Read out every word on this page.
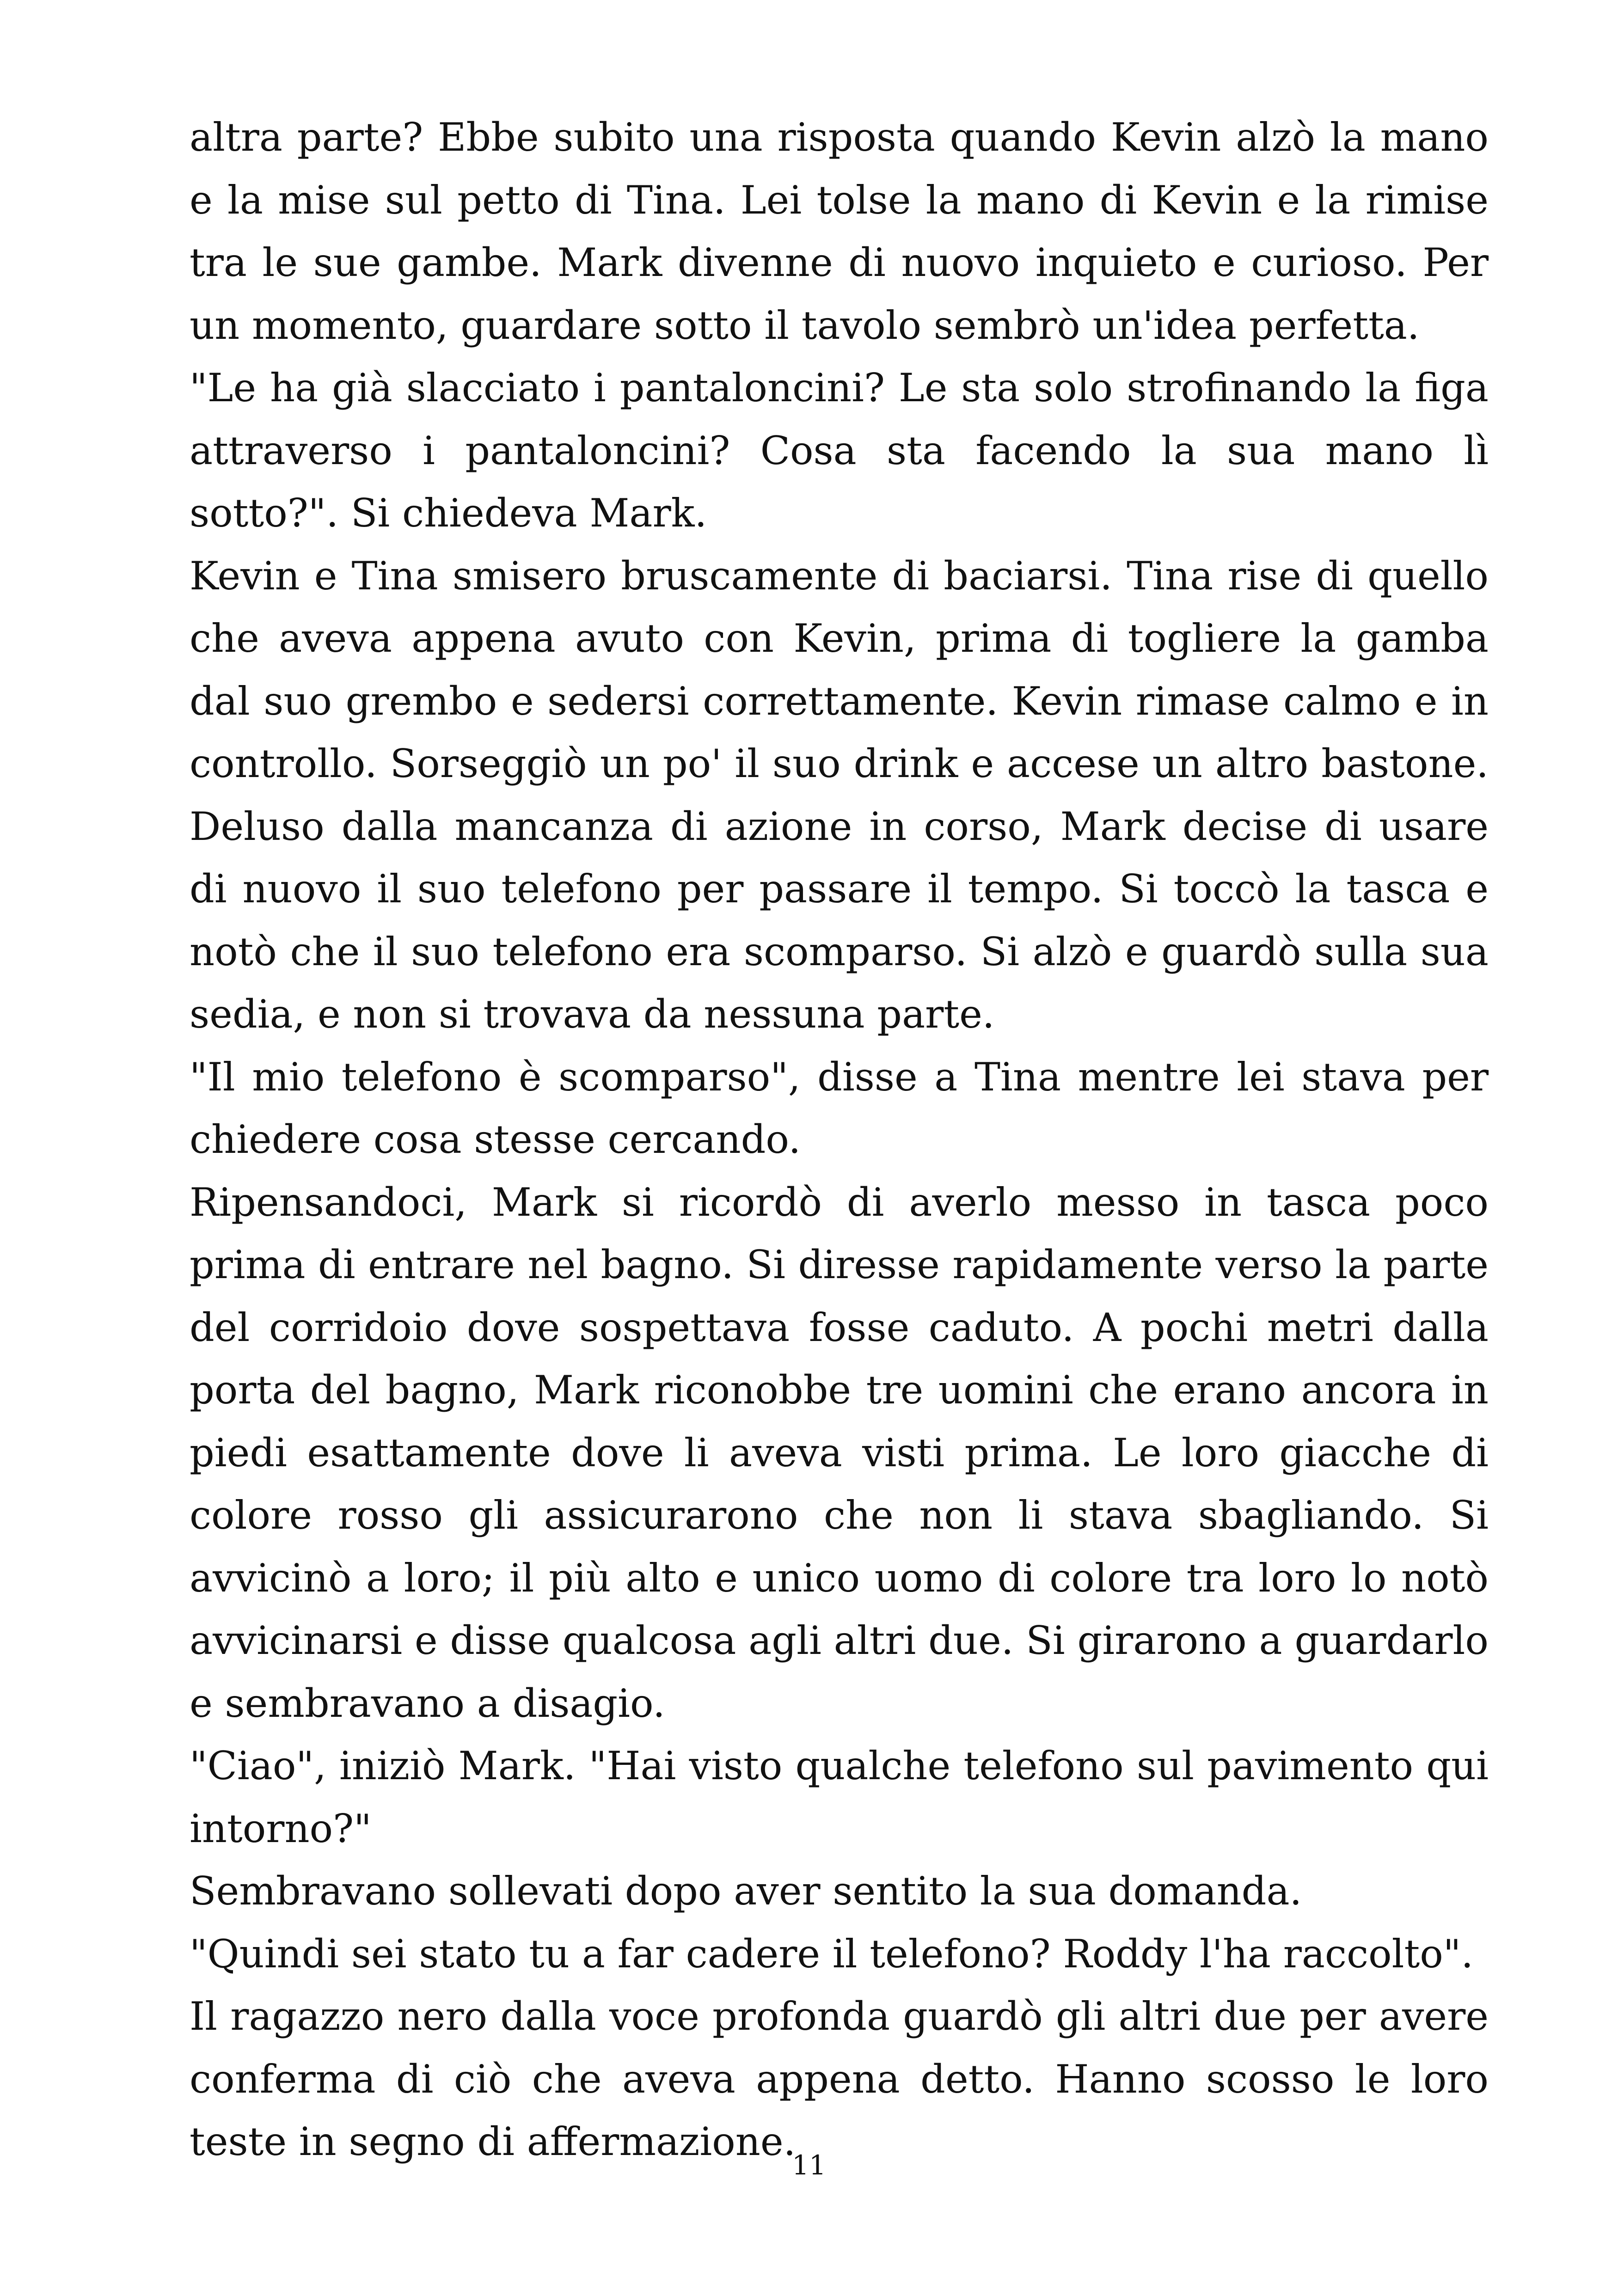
altra parte? Ebbe subito una risposta quando Kevin alzò la mano e la mise sul petto di Tina. Lei tolse la mano di Kevin e la rimise tra le sue gambe. Mark divenne di nuovo inquieto e curioso. Per un momento, guardare sotto il tavolo sembrò un'idea perfetta.

"Le ha già slacciato i pantaloncini? Le sta solo strofinando la figa attraverso i pantaloncini? Cosa sta facendo la sua mano lì sotto?". Si chiedeva Mark.

Kevin e Tina smisero bruscamente di baciarsi. Tina rise di quello che aveva appena avuto con Kevin, prima di togliere la gamba dal suo grembo e sedersi correttamente. Kevin rimase calmo e in controllo. Sorseggiò un po' il suo drink e accese un altro bastone. Deluso dalla mancanza di azione in corso, Mark decise di usare di nuovo il suo telefono per passare il tempo. Si toccò la tasca e notò che il suo telefono era scomparso. Si alzò e guardò sulla sua sedia, e non si trovava da nessuna parte.

"Il mio telefono è scomparso", disse a Tina mentre lei stava per chiedere cosa stesse cercando.

Ripensandoci, Mark si ricordò di averlo messo in tasca poco prima di entrare nel bagno. Si diresse rapidamente verso la parte del corridoio dove sospettava fosse caduto. A pochi metri dalla porta del bagno, Mark riconobbe tre uomini che erano ancora in piedi esattamente dove li aveva visti prima. Le loro giacche di colore rosso gli assicurarono che non li stava sbagliando. Si avvicinò a loro; il più alto e unico uomo di colore tra loro lo notò avvicinarsi e disse qualcosa agli altri due. Si girarono a guardarlo e sembravano a disagio.

"Ciao", iniziò Mark. "Hai visto qualche telefono sul pavimento qui intorno?"

Sembravano sollevati dopo aver sentito la sua domanda.

"Quindi sei stato tu a far cadere il telefono? Roddy l'ha raccolto".

Il ragazzo nero dalla voce profonda guardò gli altri due per avere conferma di ciò che aveva appena detto. Hanno scosso le loro teste in segno di affermazione.

11
